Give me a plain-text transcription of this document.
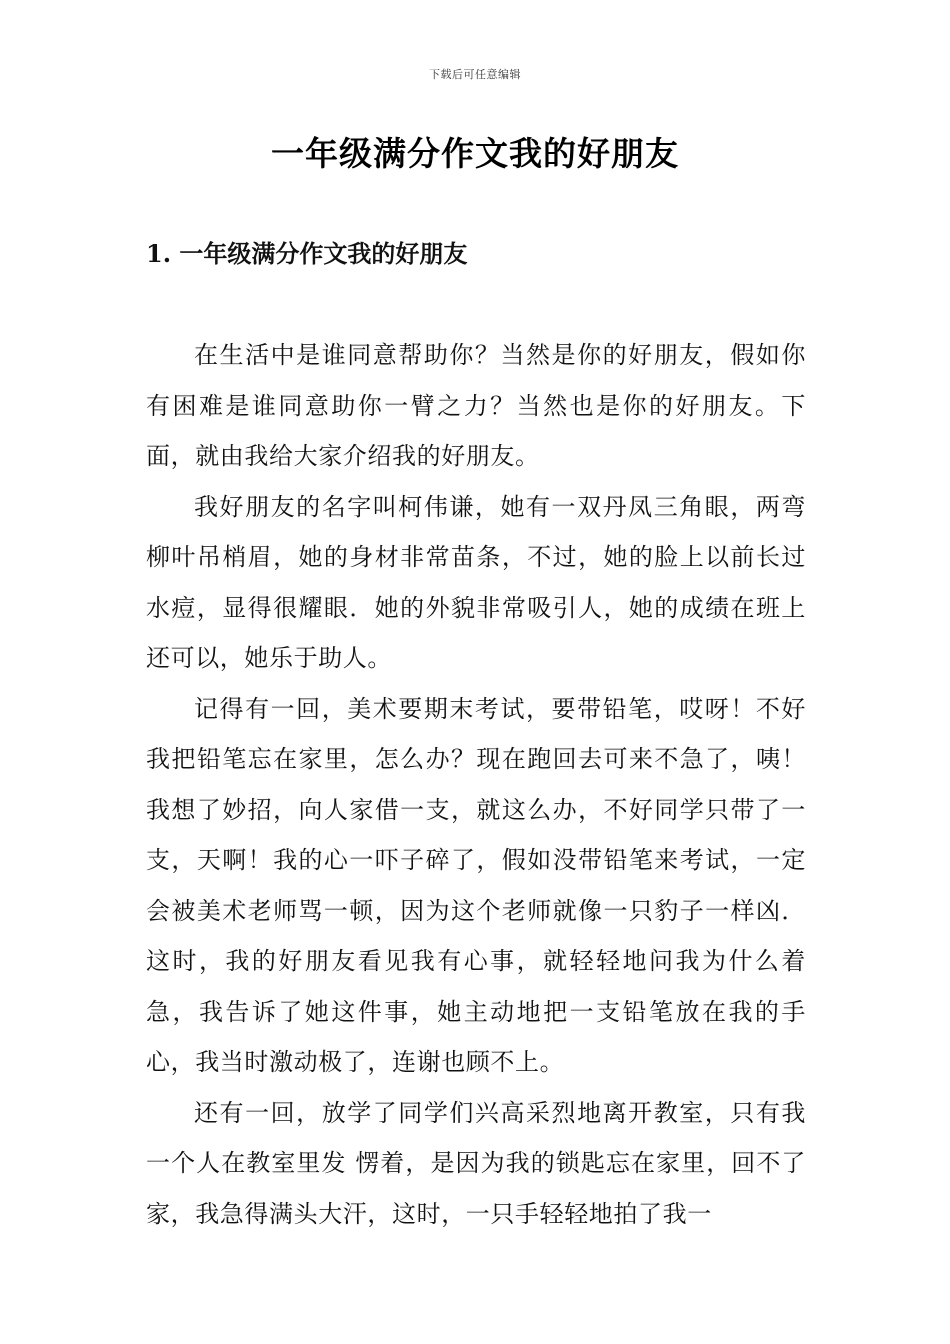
下载后可任意编辑
一年级满分作文我的好朋友
1. 一年级满分作文我的好朋友

在生活中是谁同意帮助你？当然是你的好朋友，假如你有困难是谁同意助你一臂之力？当然也是你的好朋友。下面，就由我给大家介绍我的好朋友。

我好朋友的名字叫柯伟谦，她有一双丹凤三角眼，两弯柳叶吊梢眉，她的身材非常苗条，不过，她的脸上以前长过水痘，显得很耀眼．她的外貌非常吸引人，她的成绩在班上还可以，她乐于助人。

记得有一回，美术要期末考试，要带铅笔，哎呀！不好我把铅笔忘在家里，怎么办？现在跑回去可来不急了，咦！我想了妙招，向人家借一支，就这么办，不好同学只带了一支，天啊！我的心一吓子碎了，假如没带铅笔来考试，一定会被美术老师骂一顿，因为这个老师就像一只豹子一样凶．这时，我的好朋友看见我有心事，就轻轻地问我为什么着急，我告诉了她这件事，她主动地把一支铅笔放在我的手心，我当时激动极了，连谢也顾不上。

还有一回，放学了同学们兴高采烈地离开教室，只有我一个人在教室里发 愣着，是因为我的锁匙忘在家里，回不了家，我急得满头大汗，这时，一只手轻轻地拍了我一
